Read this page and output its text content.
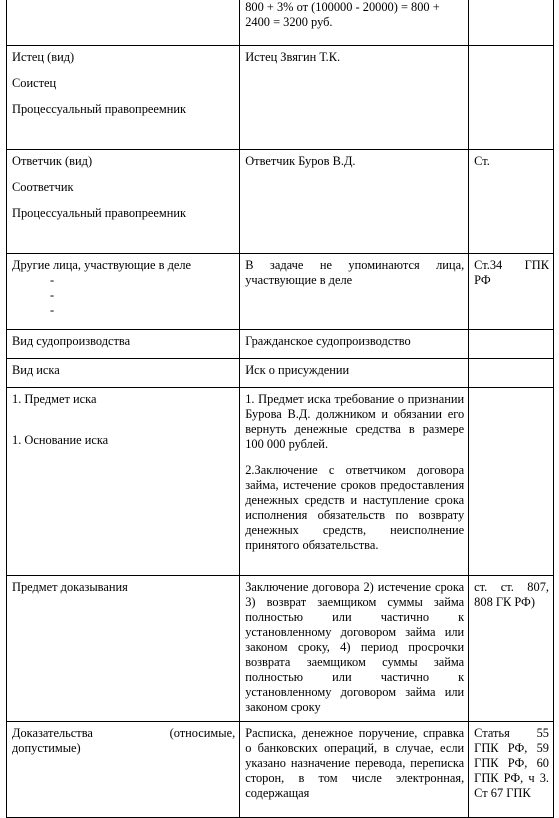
	800 + 3% от (100000 - 20000) = 800 + 2400 = 3200 руб.	

Истец (вид)
Соистец
Процессуальный правопреемник	Истец Звягин Т.К.	

Ответчик (вид)
Соответчик
Процессуальный правопреемник	Ответчик Буров В.Д.	Ст.

Другие лица, участвующие в деле
-
-
-	В задаче не упоминаются лица, участвующие в деле	Ст.34 ГПК
РФ

Вид судопроизводства	Гражданское судопроизводство	
Вид иска	Иск о присуждении	

1. Предмет иска
1. Основание иска	1. Предмет иска требование о признании Бурова В.Д. должником и обязании его вернуть денежные средства в размере 100 000 рублей.
2.Заключение с ответчиком договора займа, истечение сроков предоставления денежных средств и наступление срока исполнения обязательств по возврату денежных средств, неисполнение принятого обязательства.	

Предмет доказывания	Заключение договора 2) истечение срока 3) возврат заемщиком суммы займа полностью или частично к установленному договором займа или законом сроку, 4) период просрочки возврата заемщиком суммы займа полностью или частично к установленному договором займа или законом сроку	ст. ст. 807, 808 ГК РФ)

Доказательства (относимые,
допустимые)	Расписка, денежное поручение, справка о банковских операций, в случае, если указано назначение перевода, переписка сторон, в том числе электронная, содержащая	Статья 55 ГПК РФ, 59 ГПК РФ, 60 ГПК РФ, ч 3. Ст 67 ГПК
